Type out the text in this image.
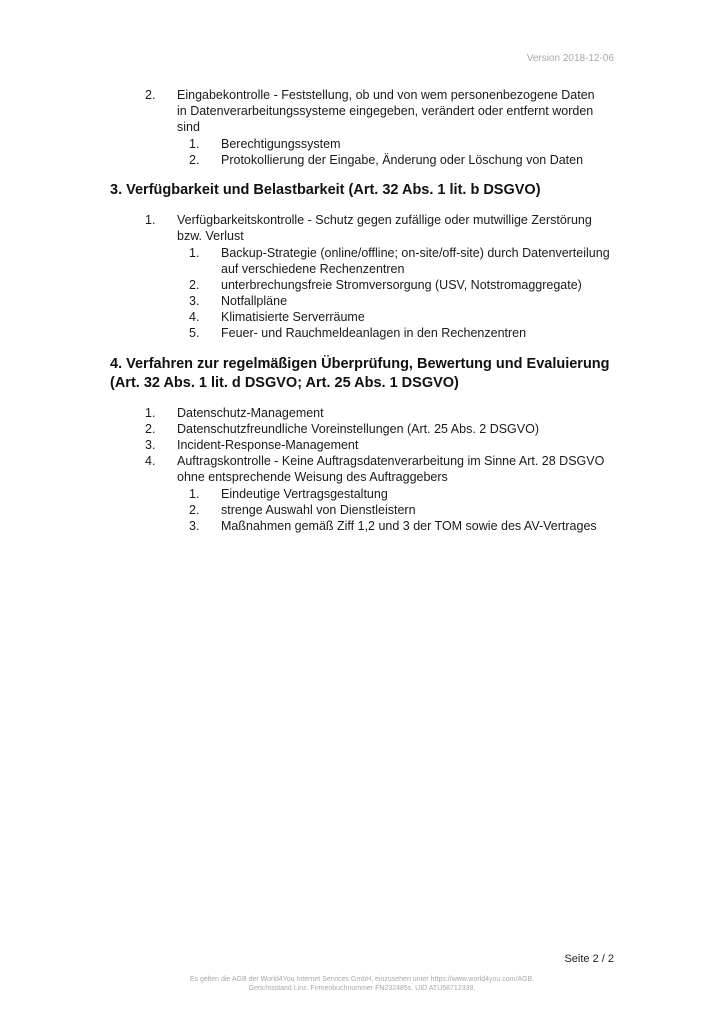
Version 2018-12-06
2. Eingabekontrolle - Feststellung, ob und von wem personenbezogene Daten in Datenverarbeitungssysteme eingegeben, verändert oder entfernt worden sind
1. Berechtigungssystem
2. Protokollierung der Eingabe, Änderung oder Löschung von Daten
3. Verfügbarkeit und Belastbarkeit (Art. 32 Abs. 1 lit. b DSGVO)
1. Verfügbarkeitskontrolle - Schutz gegen zufällige oder mutwillige Zerstörung bzw. Verlust
1. Backup-Strategie (online/offline; on-site/off-site) durch Datenverteilung auf verschiedene Rechenzentren
2. unterbrechungsfreie Stromversorgung (USV, Notstromaggregate)
3. Notfallpläne
4. Klimatisierte Serverräume
5. Feuer- und Rauchmeldeanlagen in den Rechenzentren
4. Verfahren zur regelmäßigen Überprüfung, Bewertung und Evaluierung (Art. 32 Abs. 1 lit. d DSGVO; Art. 25 Abs. 1 DSGVO)
1. Datenschutz-Management
2. Datenschutzfreundliche Voreinstellungen (Art. 25 Abs. 2 DSGVO)
3. Incident-Response-Management
4. Auftragskontrolle - Keine Auftragsdatenverarbeitung im Sinne Art. 28 DSGVO ohne entsprechende Weisung des Auftraggebers
1. Eindeutige Vertragsgestaltung
2. strenge Auswahl von Dienstleistern
3. Maßnahmen gemäß Ziff 1,2 und 3 der TOM sowie des AV-Vertrages
Seite 2 / 2
Es gelten die AGB der World4You Internet Services GmbH, einzusehen unter https://www.world4you.com/AGB.
Gerichtsstand Linz. Firmenbuchnummer FN232485s. UID ATU58712338.
